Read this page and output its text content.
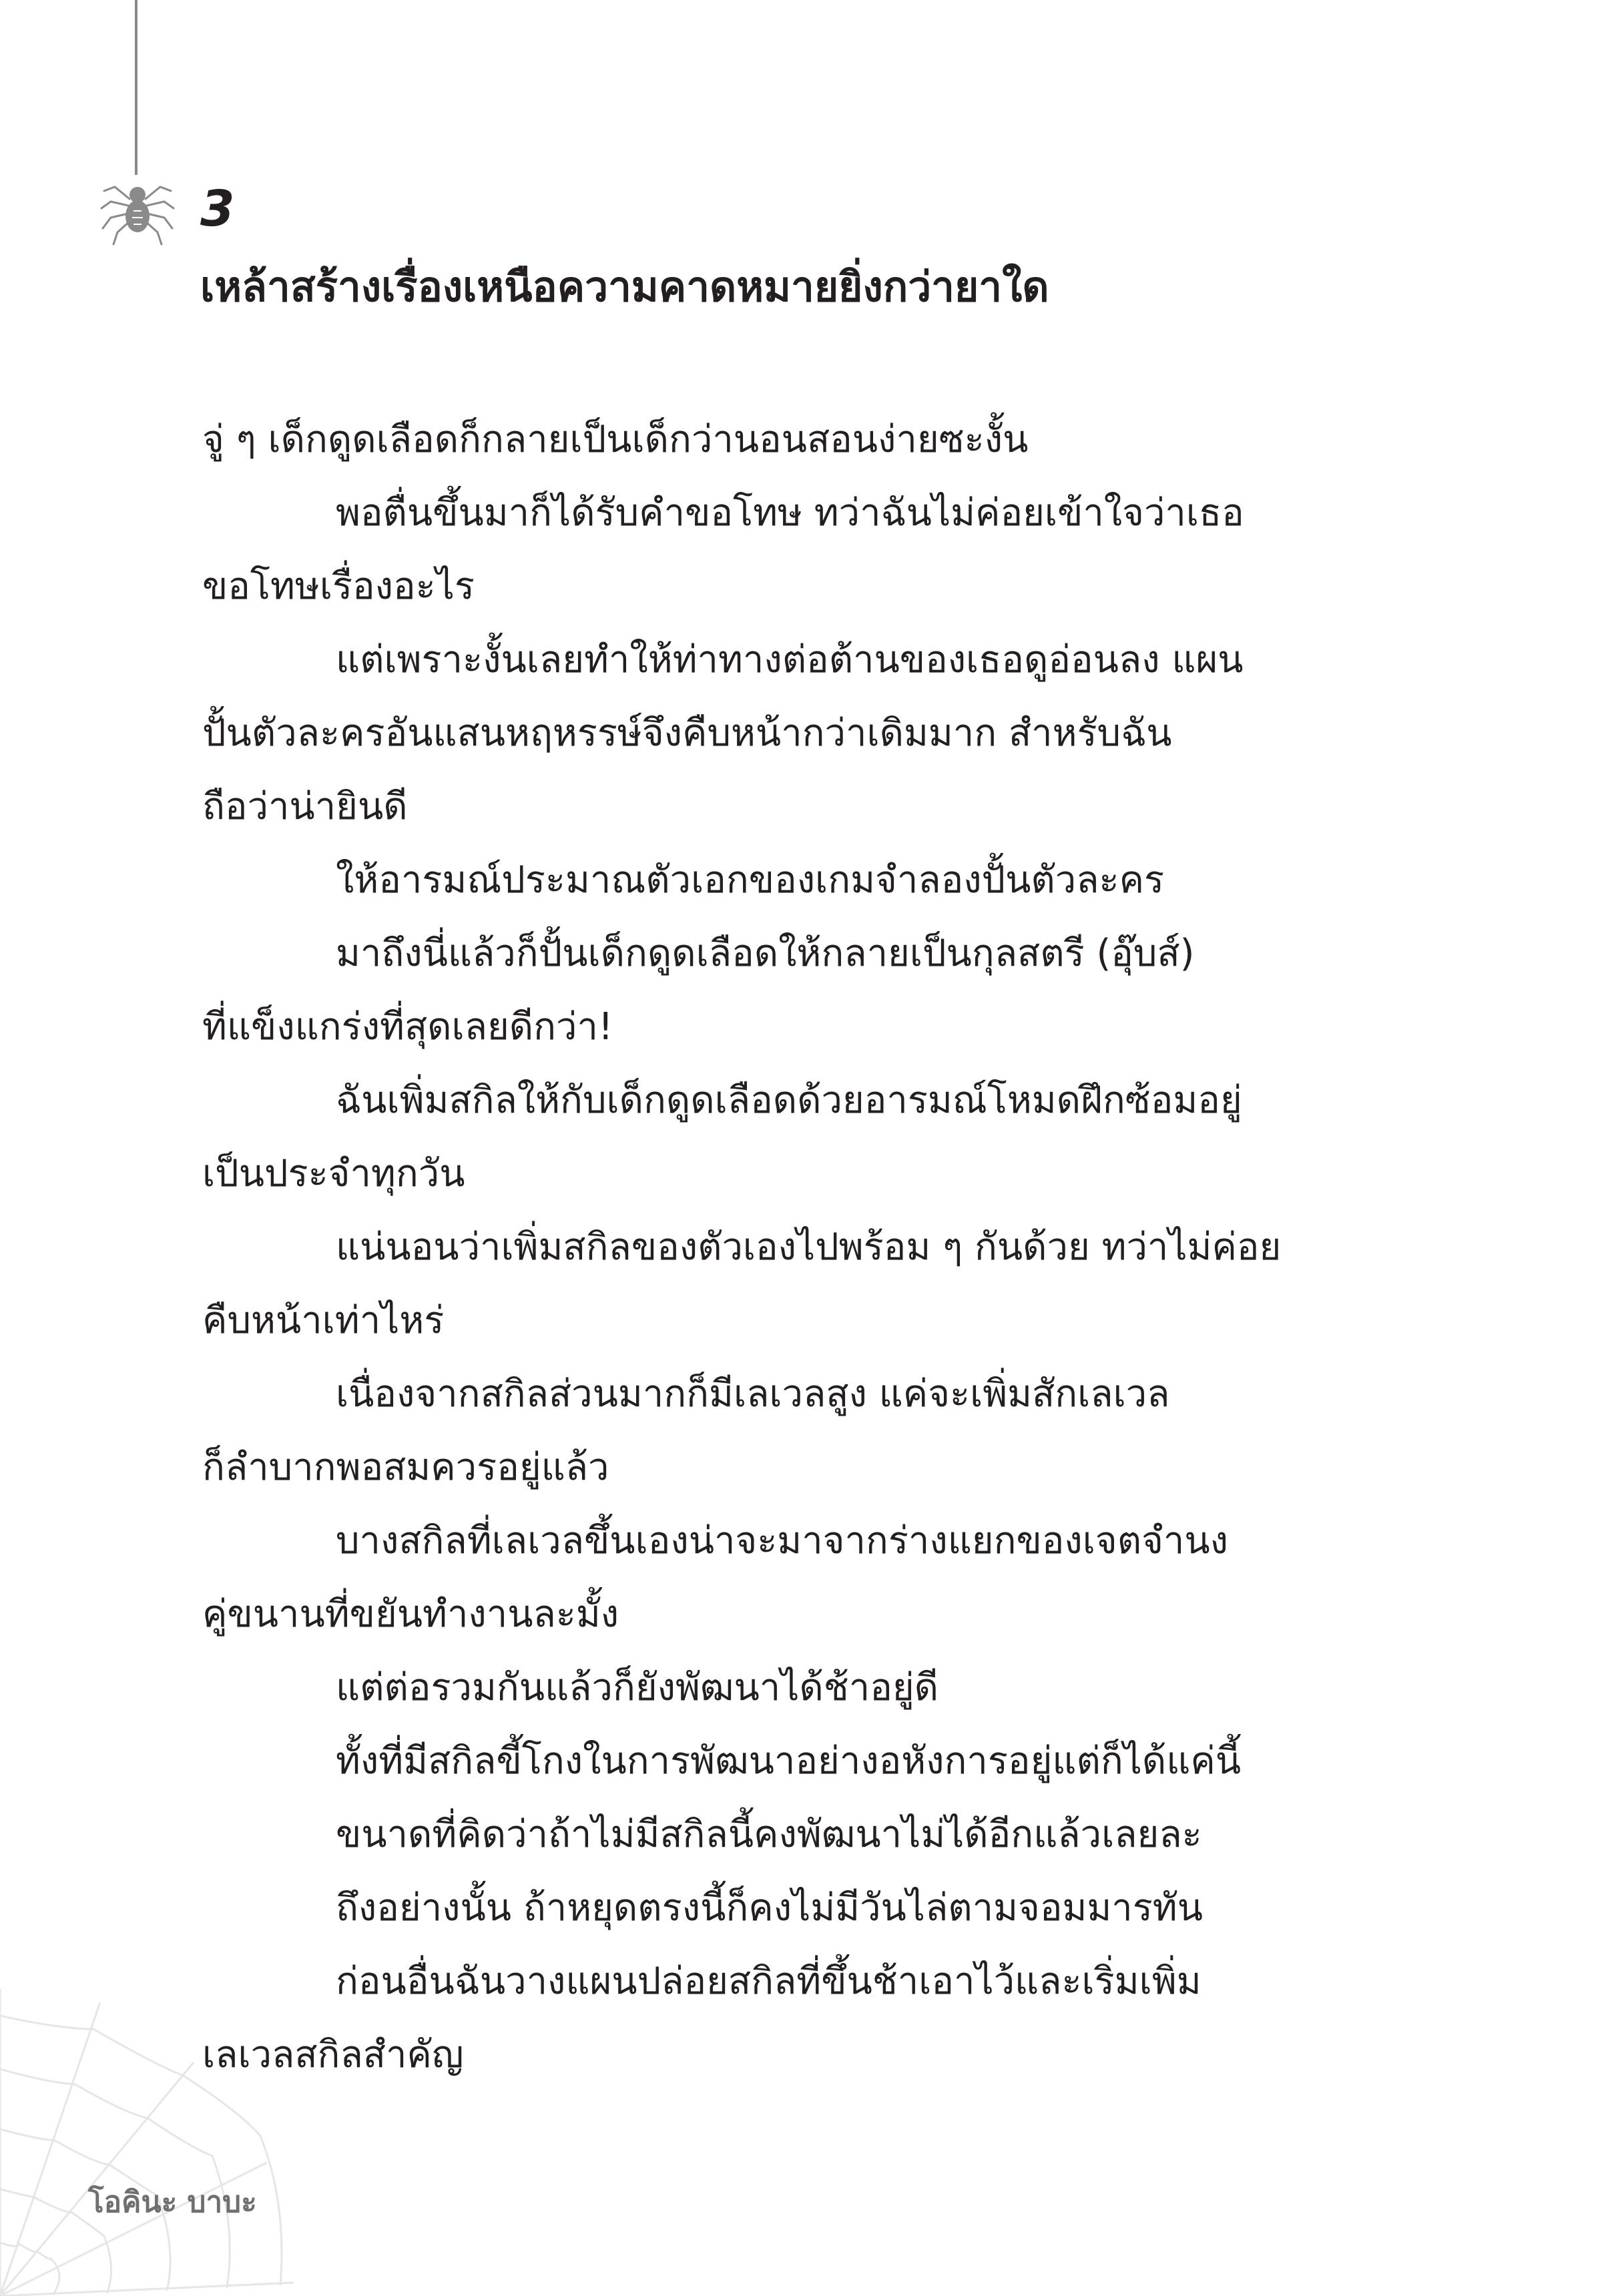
3
เหล้าสร้างเรื่องเหนือความคาดหมายยิ่งกว่ายาใด
จู่ ๆ เด็กดูดเลือดก็กลายเป็นเด็กว่านอนสอนง่ายซะงั้น
พอตื่นขึ้นมาก็ได้รับคำขอโทษ ทว่าฉันไม่ค่อยเข้าใจว่าเธอ
ขอโทษเรื่องอะไร
แต่เพราะงั้นเลยทำให้ท่าทางต่อต้านของเธอดูอ่อนลง แผน
ปั้นตัวละครอันแสนหฤหรรษ์จึงคืบหน้ากว่าเดิมมาก สำหรับฉัน
ถือว่าน่ายินดี
ให้อารมณ์ประมาณตัวเอกของเกมจำลองปั้นตัวละคร
มาถึงนี่แล้วก็ปั้นเด็กดูดเลือดให้กลายเป็นกุลสตรี (อุ๊บส์)
ที่แข็งแกร่งที่สุดเลยดีกว่า!
ฉันเพิ่มสกิลให้กับเด็กดูดเลือดด้วยอารมณ์โหมดฝึกซ้อมอยู่
เป็นประจำทุกวัน
แน่นอนว่าเพิ่มสกิลของตัวเองไปพร้อม ๆ กันด้วย ทว่าไม่ค่อย
คืบหน้าเท่าไหร่
เนื่องจากสกิลส่วนมากก็มีเลเวลสูง แค่จะเพิ่มสักเลเวล
ก็ลำบากพอสมควรอยู่แล้ว
บางสกิลที่เลเวลขึ้นเองน่าจะมาจากร่างแยกของเจตจำนง
คู่ขนานที่ขยันทำงานละมั้ง
แต่ต่อรวมกันแล้วก็ยังพัฒนาได้ช้าอยู่ดี
ทั้งที่มีสกิลขี้โกงในการพัฒนาอย่างอหังการอยู่แต่ก็ได้แค่นี้
ขนาดที่คิดว่าถ้าไม่มีสกิลนี้คงพัฒนาไม่ได้อีกแล้วเลยละ
ถึงอย่างนั้น ถ้าหยุดตรงนี้ก็คงไม่มีวันไล่ตามจอมมารทัน
ก่อนอื่นฉันวางแผนปล่อยสกิลที่ขึ้นช้าเอาไว้และเริ่มเพิ่ม
เลเวลสกิลสำคัญ
โอคินะ บาบะ
